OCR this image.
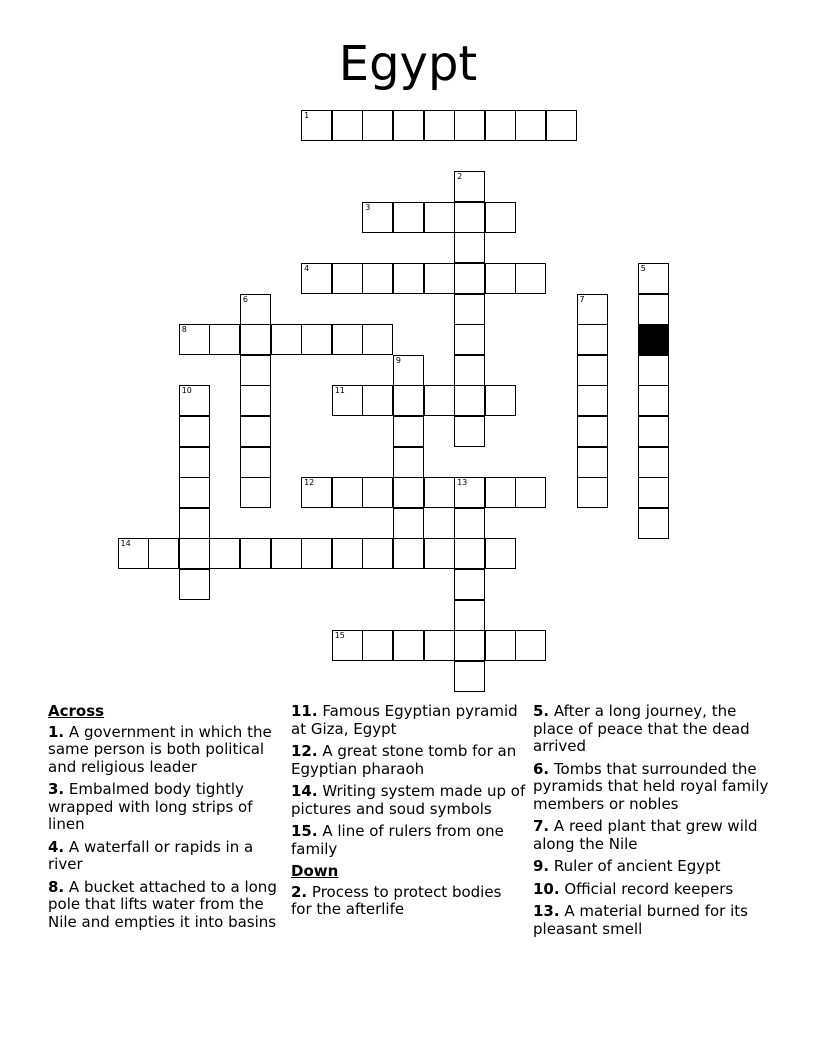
Egypt
1
2
3
4	5
6	7
8
9
10	11
12	13
14
15
Across
1. A government in which the same person is both political and religious leader
3. Embalmed body tightly wrapped with long strips of linen
4. A waterfall or rapids in a river
8. A bucket attached to a long pole that lifts water from the Nile and empties it into basins
11. Famous Egyptian pyramid at Giza, Egypt
12. A great stone tomb for an Egyptian pharaoh
14. Writing system made up of pictures and soud symbols
15. A line of rulers from one family
Down
2. Process to protect bodies for the afterlife
5. After a long journey, the place of peace that the dead arrived
6. Tombs that surrounded the pyramids that held royal family members or nobles
7. A reed plant that grew wild along the Nile
9. Ruler of ancient Egypt
10. Official record keepers
13. A material burned for its pleasant smell
